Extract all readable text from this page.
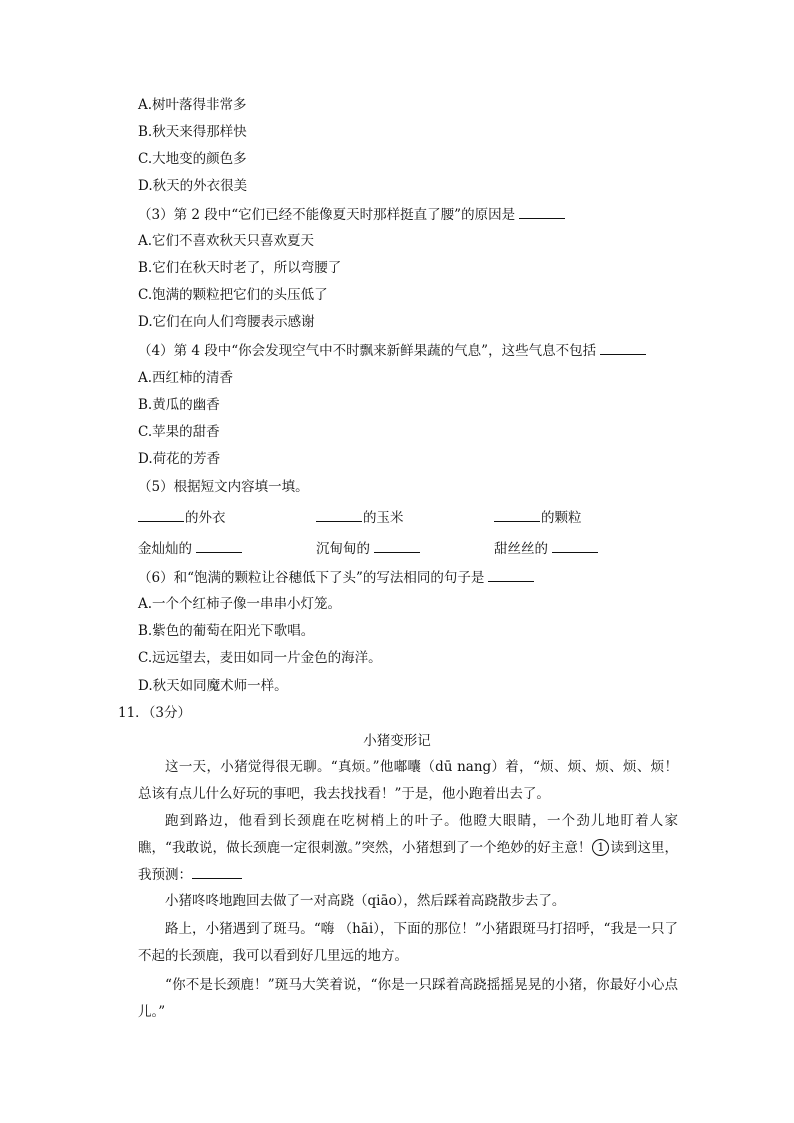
A.树叶落得非常多
B.秋天来得那样快
C.大地变的颜色多
D.秋天的外衣很美
（3）第 2 段中“它们已经不能像夏天时那样挺直了腰”的原因是
A.它们不喜欢秋天只喜欢夏天
B.它们在秋天时老了，所以弯腰了
C.饱满的颗粒把它们的头压低了
D.它们在向人们弯腰表示感谢
（4）第 4 段中“你会发现空气中不时飘来新鲜果蔬的气息”，这些气息不包括
A.西红柿的清香
B.黄瓜的幽香
C.苹果的甜香
D.荷花的芳香
（5）根据短文内容填一填。
的外衣	的玉米	的颗粒
金灿灿的	沉甸甸的	甜丝丝的
（6）和“饱满的颗粒让谷穗低下了头”的写法相同的句子是
A.一个个红柿子像一串串小灯笼。
B.紫色的葡萄在阳光下歌唱。
C.远远望去，麦田如同一片金色的海洋。
D.秋天如同魔术师一样。
11．（3分）
小猪变形记
这一天，小猪觉得很无聊。“真烦。”他嘟囔（dū nang）着，“烦、烦、烦、烦、烦！总该有点儿什么好玩的事吧，我去找找看！”于是，他小跑着出去了。
跑到路边，他看到长颈鹿在吃树梢上的叶子。他瞪大眼睛，一个劲儿地盯着人家瞧，“我敢说，做长颈鹿一定很刺激。”突然，小猪想到了一个绝妙的好主意！ 1 读到这里，我预测：
小猪咚咚地跑回去做了一对高跷（qiāo），然后踩着高跷散步去了。
路上，小猪遇到了斑马。“嗨 （hāi），下面的那位！”小猪跟斑马打招呼，“我是一只了不起的长颈鹿，我可以看到好几里远的地方。
“你不是长颈鹿！”斑马大笑着说，“你是一只踩着高跷摇摇晃晃的小猪，你最好小心点儿。”
